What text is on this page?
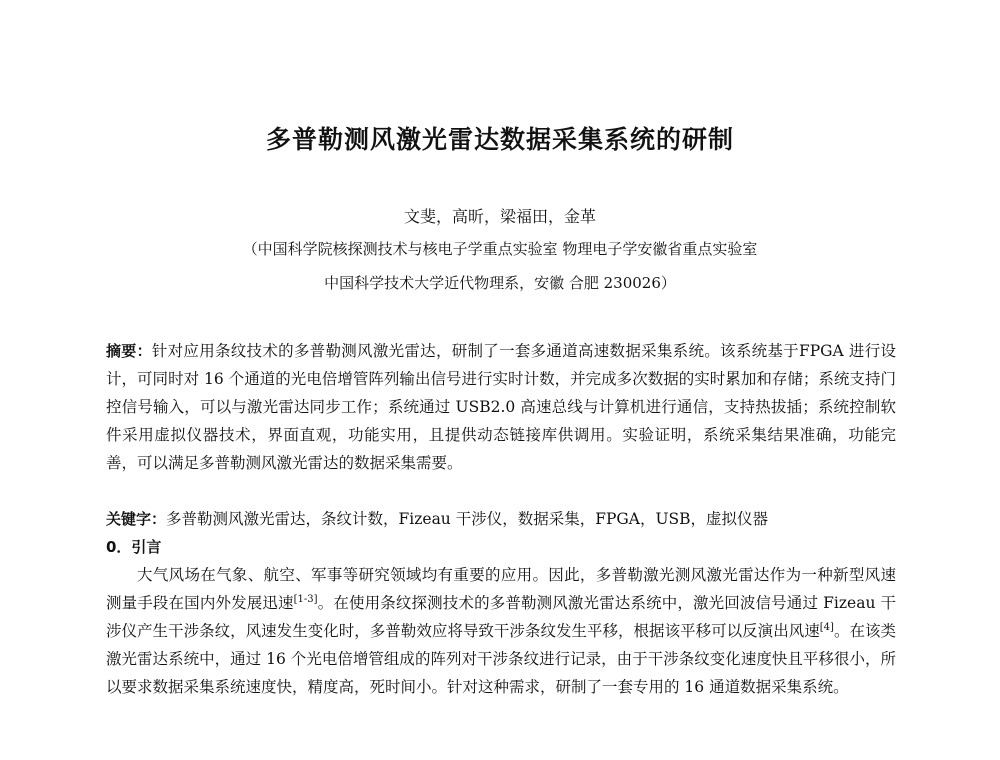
多普勒测风激光雷达数据采集系统的研制
文斐，高昕，梁福田，金革
（中国科学院核探测技术与核电子学重点实验室 物理电子学安徽省重点实验室
中国科学技术大学近代物理系，安徽 合肥 230026）
摘要：针对应用条纹技术的多普勒测风激光雷达，研制了一套多通道高速数据采集系统。该系统基于FPGA 进行设计，可同时对 16 个通道的光电倍增管阵列输出信号进行实时计数，并完成多次数据的实时累加和存储；系统支持门控信号输入，可以与激光雷达同步工作；系统通过 USB2.0 高速总线与计算机进行通信，支持热拔插；系统控制软件采用虚拟仪器技术，界面直观，功能实用，且提供动态链接库供调用。实验证明，系统采集结果准确，功能完善，可以满足多普勒测风激光雷达的数据采集需要。
关键字：多普勒测风激光雷达，条纹计数，Fizeau 干涉仪，数据采集，FPGA，USB，虚拟仪器
0．引言
大气风场在气象、航空、军事等研究领域均有重要的应用。因此，多普勒激光测风激光雷达作为一种新型风速测量手段在国内外发展迅速[1-3]。在使用条纹探测技术的多普勒测风激光雷达系统中，激光回波信号通过 Fizeau 干涉仪产生干涉条纹，风速发生变化时，多普勒效应将导致干涉条纹发生平移，根据该平移可以反演出风速[4]。在该类激光雷达系统中，通过 16 个光电倍增管组成的阵列对干涉条纹进行记录，由于干涉条纹变化速度快且平移很小，所以要求数据采集系统速度快，精度高，死时间小。针对这种需求，研制了一套专用的 16 通道数据采集系统。
